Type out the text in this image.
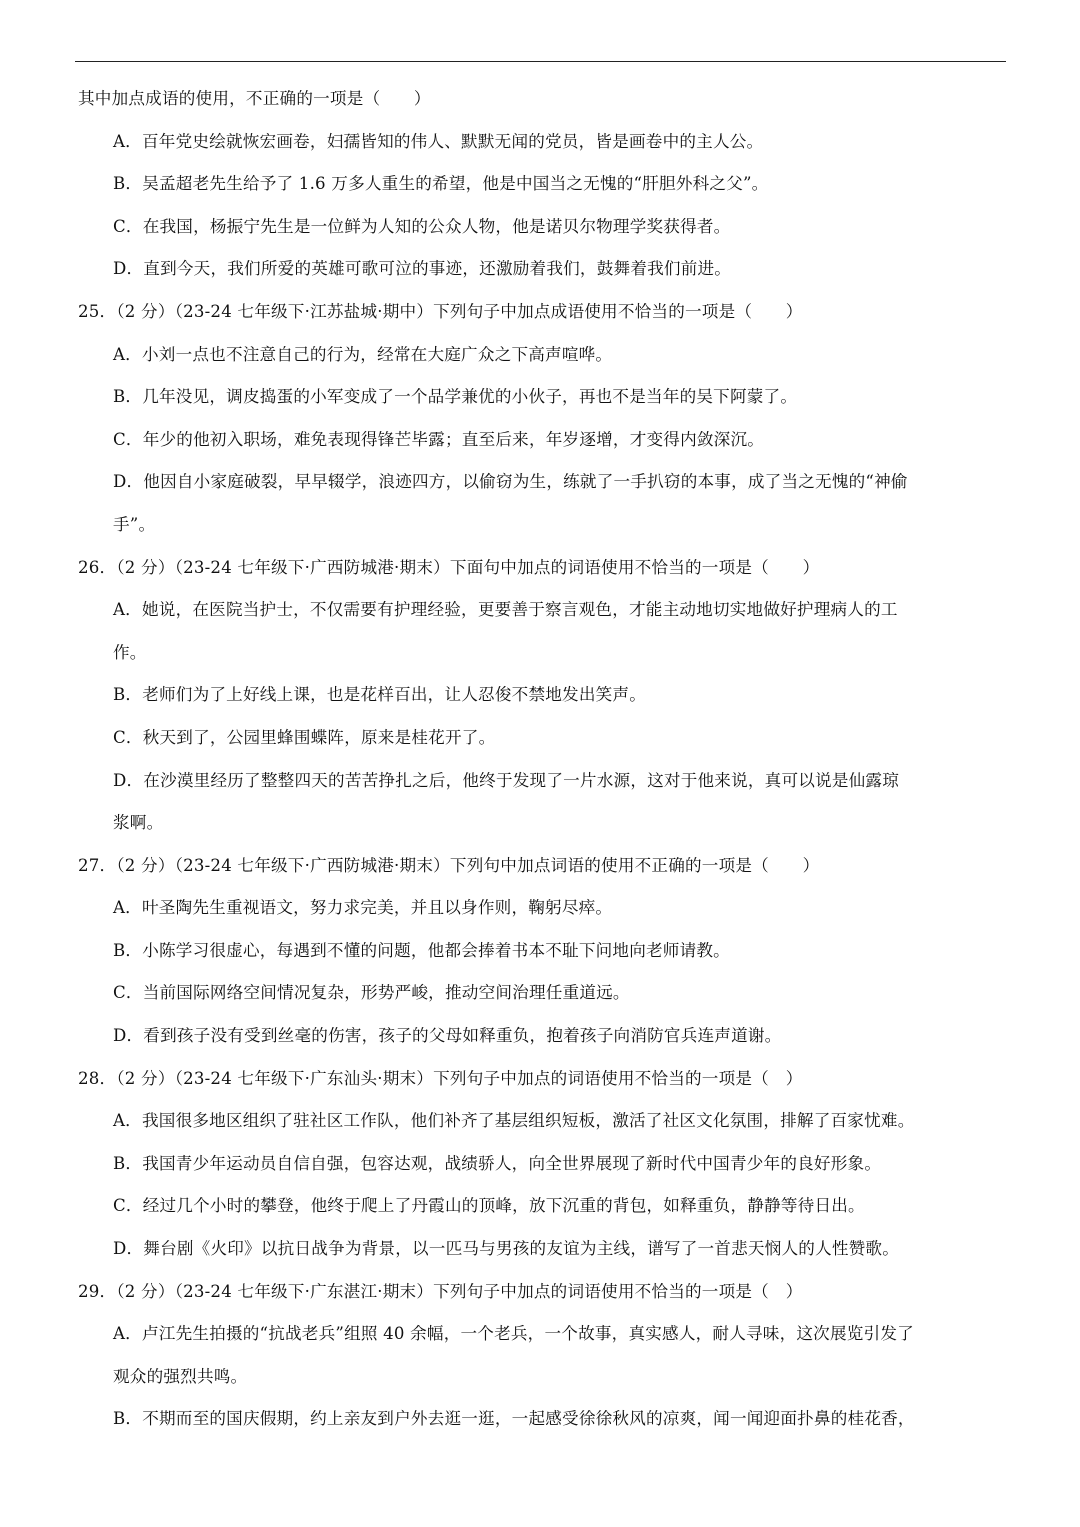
其中加点成语的使用，不正确的一项是（　　）
A．百年党史绘就恢宏画卷，妇孺皆知的伟人、默默无闻的党员，皆是画卷中的主人公。
B．吴孟超老先生给予了 1.6 万多人重生的希望，他是中国当之无愧的“肝胆外科之父”。
C．在我国，杨振宁先生是一位鲜为人知的公众人物，他是诺贝尔物理学奖获得者。
D．直到今天，我们所爱的英雄可歌可泣的事迹，还激励着我们，鼓舞着我们前进。
25．（2 分）（23-24 七年级下·江苏盐城·期中）下列句子中加点成语使用不恰当的一项是（　　）
A．小刘一点也不注意自己的行为，经常在大庭广众之下高声喧哗。
B．几年没见，调皮捣蛋的小军变成了一个品学兼优的小伙子，再也不是当年的吴下阿蒙了。
C．年少的他初入职场，难免表现得锋芒毕露；直至后来，年岁逐增，才变得内敛深沉。
D．他因自小家庭破裂，早早辍学，浪迹四方，以偷窃为生，练就了一手扒窃的本事，成了当之无愧的“神偷
手”。
26．（2 分）（23-24 七年级下·广西防城港·期末）下面句中加点的词语使用不恰当的一项是（　　）
A．她说，在医院当护士，不仅需要有护理经验，更要善于察言观色，才能主动地切实地做好护理病人的工
作。
B．老师们为了上好线上课，也是花样百出，让人忍俊不禁地发出笑声。
C．秋天到了，公园里蜂围蝶阵，原来是桂花开了。
D．在沙漠里经历了整整四天的苦苦挣扎之后，他终于发现了一片水源，这对于他来说，真可以说是仙露琼
浆啊。
27．（2 分）（23-24 七年级下·广西防城港·期末）下列句中加点词语的使用不正确的一项是（　　）
A．叶圣陶先生重视语文，努力求完美，并且以身作则，鞠躬尽瘁。
B．小陈学习很虚心，每遇到不懂的问题，他都会捧着书本不耻下问地向老师请教。
C．当前国际网络空间情况复杂，形势严峻，推动空间治理任重道远。
D．看到孩子没有受到丝毫的伤害，孩子的父母如释重负，抱着孩子向消防官兵连声道谢。
28．（2 分）（23-24 七年级下·广东汕头·期末）下列句子中加点的词语使用不恰当的一项是（　）
A．我国很多地区组织了驻社区工作队，他们补齐了基层组织短板，激活了社区文化氛围，排解了百家忧难。
B．我国青少年运动员自信自强，包容达观，战绩骄人，向全世界展现了新时代中国青少年的良好形象。
C．经过几个小时的攀登，他终于爬上了丹霞山的顶峰，放下沉重的背包，如释重负，静静等待日出。
D．舞台剧《火印》以抗日战争为背景，以一匹马与男孩的友谊为主线，谱写了一首悲天悯人的人性赞歌。
29．（2 分）（23-24 七年级下·广东湛江·期末）下列句子中加点的词语使用不恰当的一项是（　）
A．卢江先生拍摄的“抗战老兵”组照 40 余幅，一个老兵，一个故事，真实感人，耐人寻味，这次展览引发了
观众的强烈共鸣。
B．不期而至的国庆假期，约上亲友到户外去逛一逛，一起感受徐徐秋风的凉爽，闻一闻迎面扑鼻的桂花香，
